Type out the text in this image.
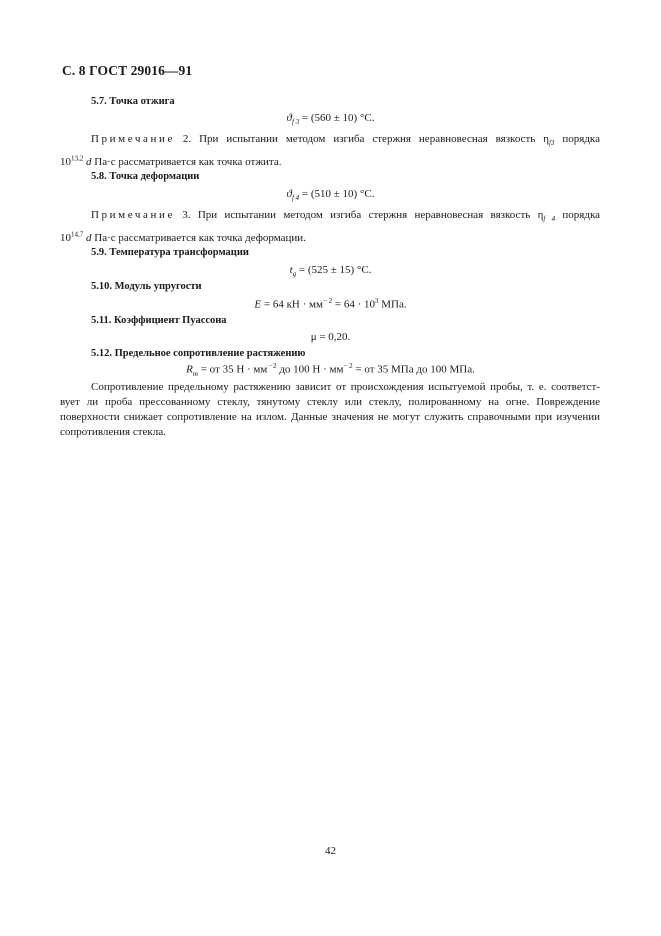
С. 8 ГОСТ 29016—91
5.7. Точка отжига
$ϑ_{f 3} = (560 \pm 10)$ °С.
Примечание 2. При испытании методом изгиба стержня неравновесная вязкость $\eta_{f3}$ порядка
10$^{13,2}$ d Па·с рассматривается как точка отжита.
5.8. Точка деформации
$ϑ_{f 4} = (510 \pm 10)$ °С.
Примечание 3. При испытании методом изгиба стержня неравновесная вязкость $\eta_{f 4}$ порядка
10$^{14,7}$ d Па·с рассматривается как точка деформации.
5.9. Температура трансформации
$t_g = (525 \pm 15)$ °С.
5.10. Модуль упругости
E = 64 кН · $мм^{- 2} = 64 \cdot 10^3$ МПа.
5.11. Коэффициент Пуассона
μ = 0,20.
5.12. Предельное сопротивление растяжению
$R_m$ = от 35 Н · мм $^{-2}$ до 100 $Н \cdot мм^{- 2}$ = от 35 МПа до 100 МПа.
Сопротивление предельному растяжению зависит от происхождения испытуемой пробы, т. е. соответст-
вует ли проба прессованному стеклу, тянутому стеклу или стеклу, полированному на огне. Повреждение
поверхности снижает сопротивление на излом. Данные значения не могут служить справочными при изучении
сопротивления стекла.
42
